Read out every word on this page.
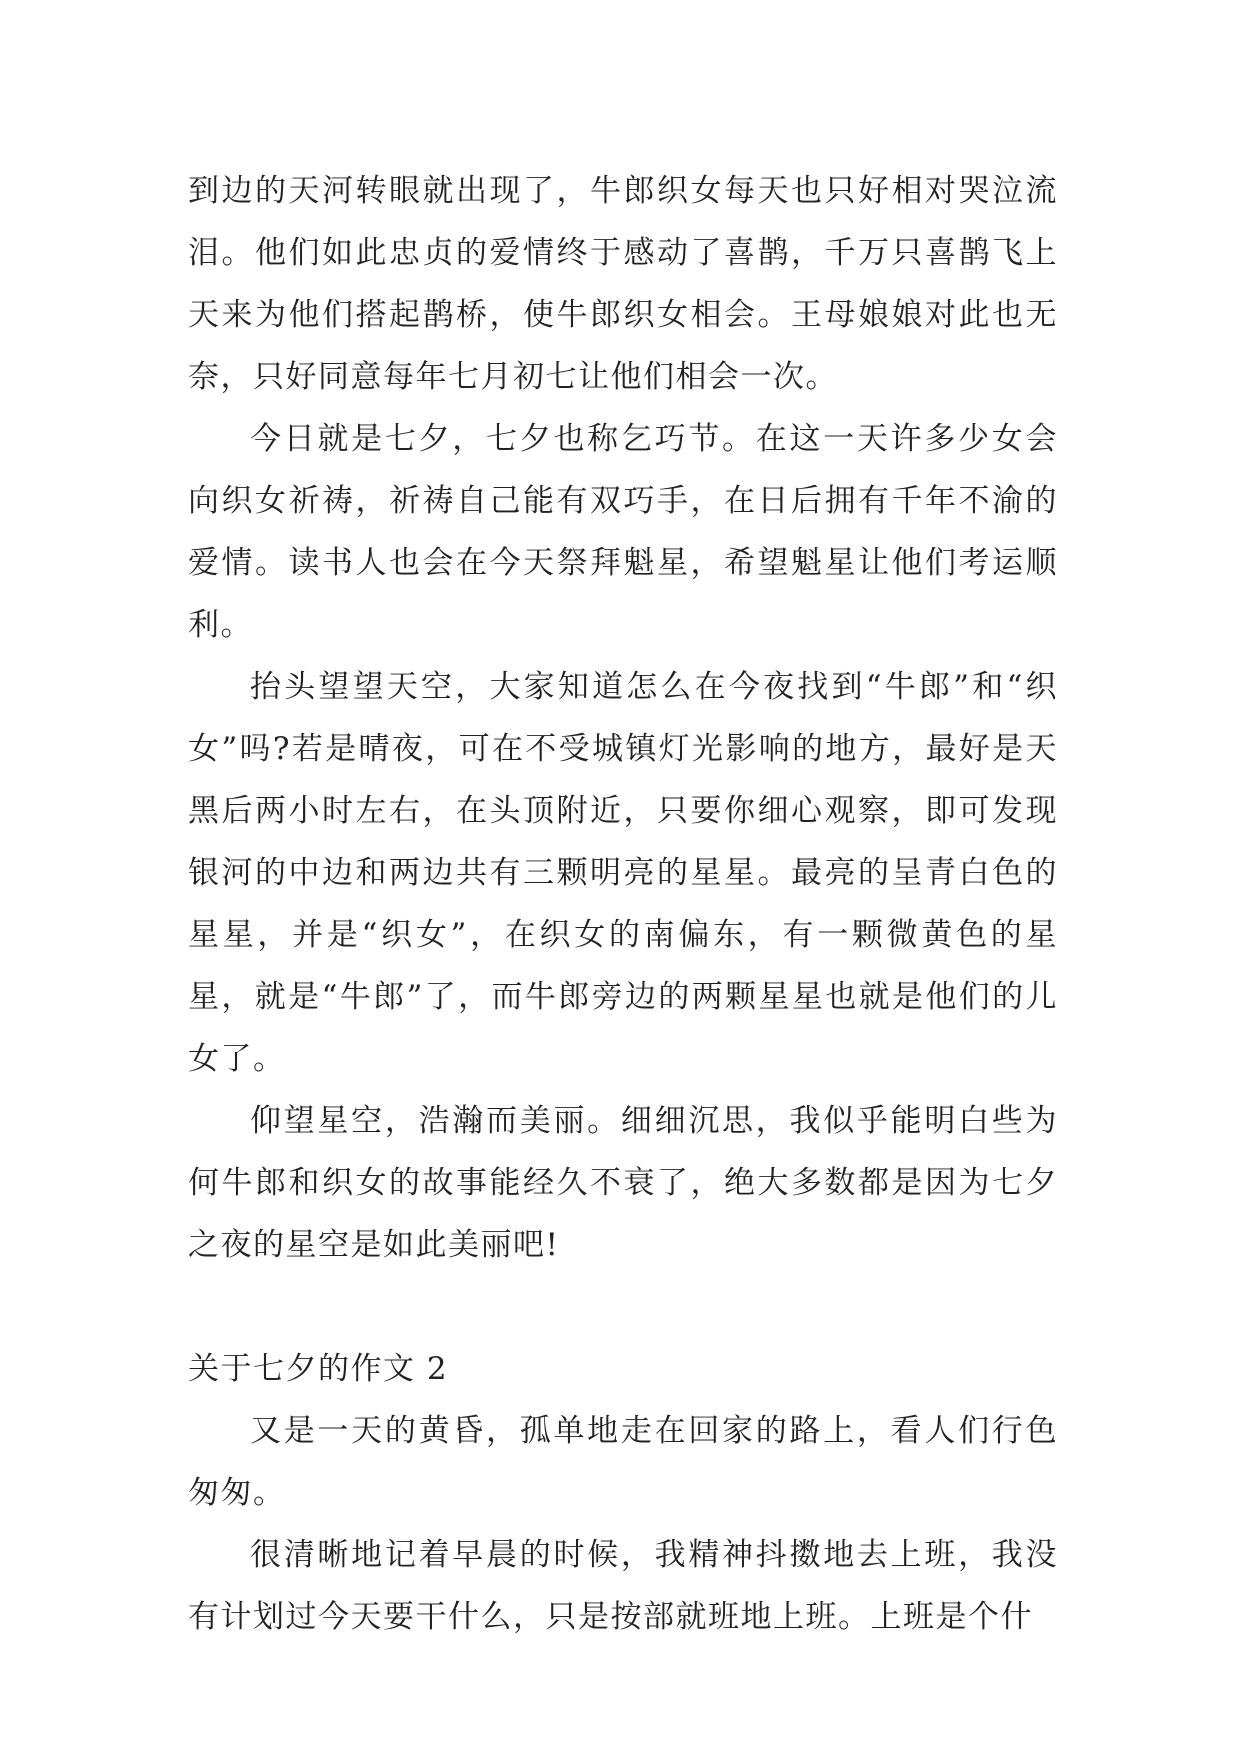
到边的天河转眼就出现了，牛郎织女每天也只好相对哭泣流泪。他们如此忠贞的爱情终于感动了喜鹊，千万只喜鹊飞上天来为他们搭起鹊桥，使牛郎织女相会。王母娘娘对此也无奈，只好同意每年七月初七让他们相会一次。

今日就是七夕，七夕也称乞巧节。在这一天许多少女会向织女祈祷，祈祷自己能有双巧手，在日后拥有千年不渝的爱情。读书人也会在今天祭拜魁星，希望魁星让他们考运顺利。

抬头望望天空，大家知道怎么在今夜找到“牛郎”和“织女”吗?若是晴夜，可在不受城镇灯光影响的地方，最好是天黑后两小时左右，在头顶附近，只要你细心观察，即可发现银河的中边和两边共有三颗明亮的星星。最亮的呈青白色的星星，并是“织女”，在织女的南偏东，有一颗微黄色的星星，就是“牛郎”了，而牛郎旁边的两颗星星也就是他们的儿女了。

仰望星空，浩瀚而美丽。细细沉思，我似乎能明白些为何牛郎和织女的故事能经久不衰了，绝大多数都是因为七夕之夜的星空是如此美丽吧!

关于七夕的作文 2

又是一天的黄昏，孤单地走在回家的路上，看人们行色匆匆。

很清晰地记着早晨的时候，我精神抖擞地去上班，我没有计划过今天要干什么，只是按部就班地上班。上班是个什
